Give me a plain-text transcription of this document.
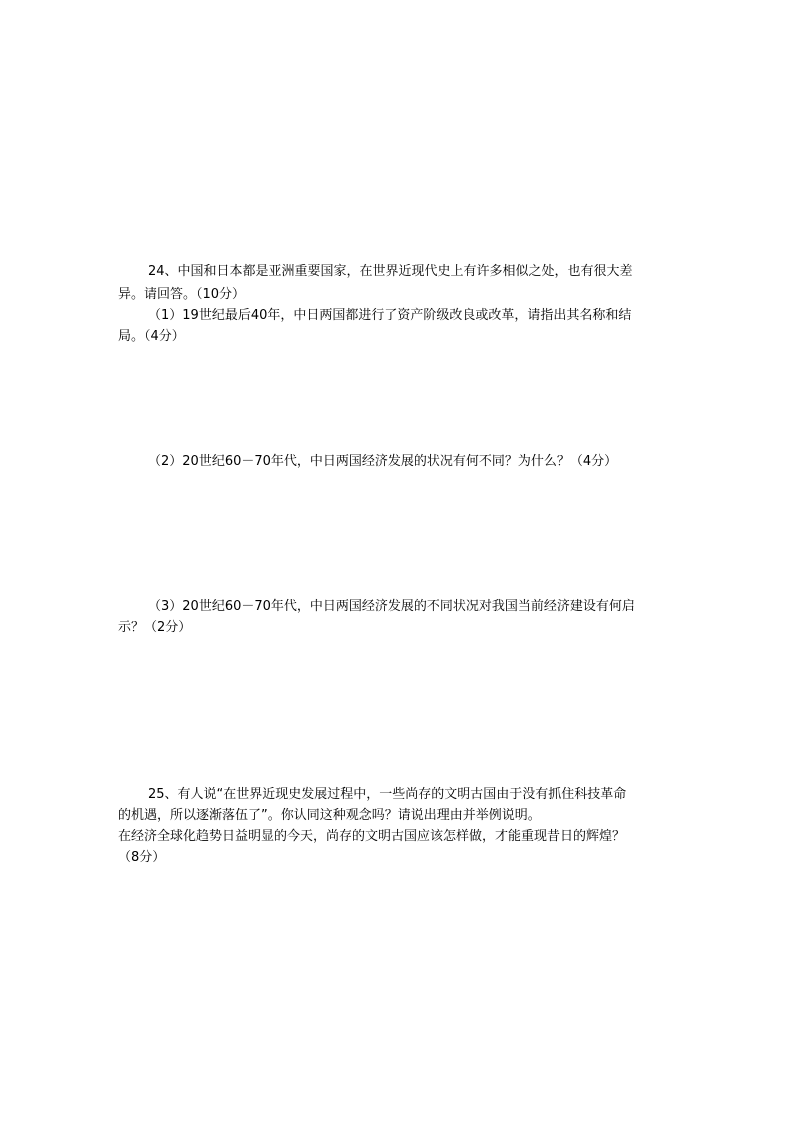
24、中国和日本都是亚洲重要国家，在世界近现代史上有许多相似之处，也有很大差
异。请回答。（10分）
（1）19世纪最后40年，中日两国都进行了资产阶级改良或改革，请指出其名称和结
局。（4分）
（2）20世纪60－70年代，中日两国经济发展的状况有何不同？为什么？（4分）
（3）20世纪60－70年代，中日两国经济发展的不同状况对我国当前经济建设有何启
示？（2分）
25、有人说“在世界近现史发展过程中，一些尚存的文明古国由于没有抓住科技革命
的机遇，所以逐渐落伍了”。你认同这种观念吗？请说出理由并举例说明。
在经济全球化趋势日益明显的今天，尚存的文明古国应该怎样做，才能重现昔日的辉煌？
（8分）
